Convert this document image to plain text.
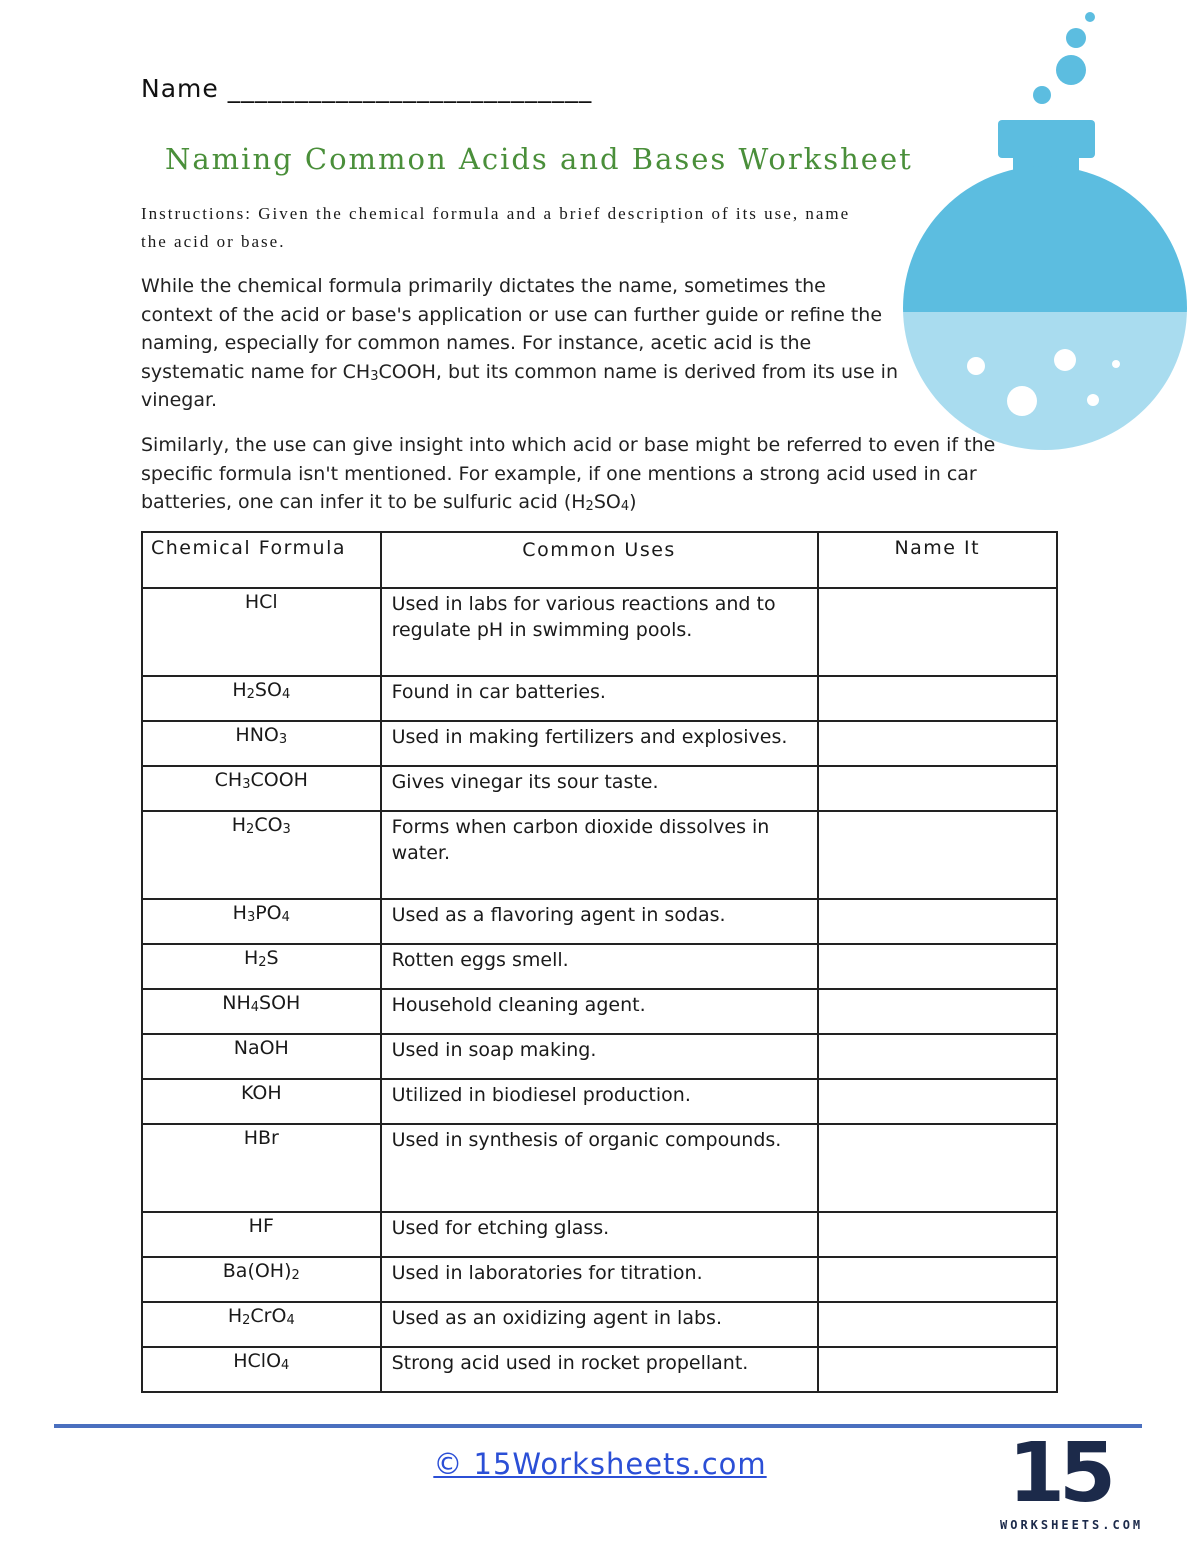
Name ___________________________
Naming Common Acids and Bases Worksheet
Instructions: Given the chemical formula and a brief description of its use, name the acid or base.
While the chemical formula primarily dictates the name, sometimes the context of the acid or base's application or use can further guide or refine the naming, especially for common names. For instance, acetic acid is the systematic name for $CH_3COOH$, but its common name is derived from its use in vinegar.
Similarly, the use can give insight into which acid or base might be referred to even if the specific formula isn't mentioned. For example, if one mentions a strong acid used in car batteries, one can infer it to be sulfuric acid $(H_2SO_4)$
Chemical Formula	Common Uses	Name It
HCl	Used in labs for various reactions and to regulate pH in swimming pools.	
$H_2SO_4$	Found in car batteries.	
$HNO_3$	Used in making fertilizers and explosives.	
$CH_3COOH$	Gives vinegar its sour taste.	
$H_2CO_3$	Forms when carbon dioxide dissolves in water.	
$H_3PO_4$	Used as a flavoring agent in sodas.	
$H_2S$	Rotten eggs smell.	
$NH_4SOH$	Household cleaning agent.	
NaOH	Used in soap making.	
KOH	Utilized in biodiesel production.	
HBr	Used in synthesis of organic compounds.	
HF	Used for etching glass.	
$Ba(OH)_2$	Used in laboratories for titration.	
$H_2CrO_4$	Used as an oxidizing agent in labs.	
HClO$_4$	Strong acid used in rocket propellant.	
© 15Worksheets.com	15
WORKSHEETS.COM
